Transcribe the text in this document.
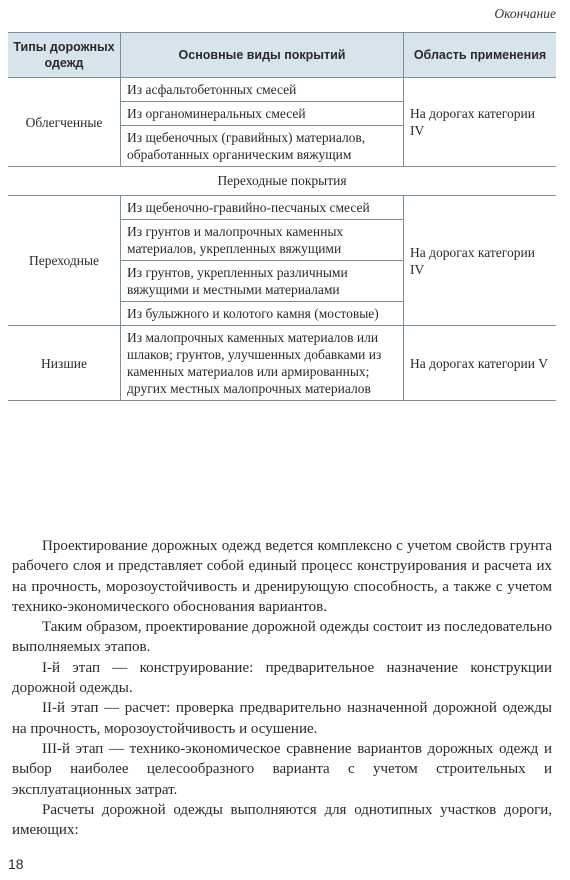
Окончание
Типы дорожных одежд	Основные виды покрытий	Область применения
Облегченные	Из асфальтобетонных смесей	На дорогах категории IV
	Из органоминеральных смесей	
	Из щебеночных (гравийных) материалов, обработанных органическим вяжущим	
Переходные покрытия		
Переходные	Из щебеночно-гравийно-песчаных смесей	На дорогах категории IV
	Из грунтов и малопрочных каменных материалов, укрепленных вяжущими	
	Из грунтов, укрепленных различными вяжущими и местными материалами	
	Из булыжного и колотого камня (мостовые)	
Низшие	Из малопрочных каменных материалов или шлаков; грунтов, улучшенных добавками из каменных материалов или армированных; других местных малопрочных материалов	На дорогах категории V

Проектирование дорожных одежд ведется комплексно с учетом свойств грунта рабочего слоя и представляет собой единый процесс конструирования и расчета их на прочность, морозоустойчивость и дренирующую способность, а также с учетом технико-экономического обоснования вариантов.

Таким образом, проектирование дорожной одежды состоит из последовательно выполняемых этапов.

I-й этап — конструирование: предварительное назначение конструкции дорожной одежды.

II-й этап — расчет: проверка предварительно назначенной дорожной одежды на прочность, морозоустойчивость и осушение.

III-й этап — технико-экономическое сравнение вариантов дорожных одежд и выбор наиболее целесообразного варианта с учетом строительных и эксплуатационных затрат.

Расчеты дорожной одежды выполняются для однотипных участков дороги, имеющих:

18
